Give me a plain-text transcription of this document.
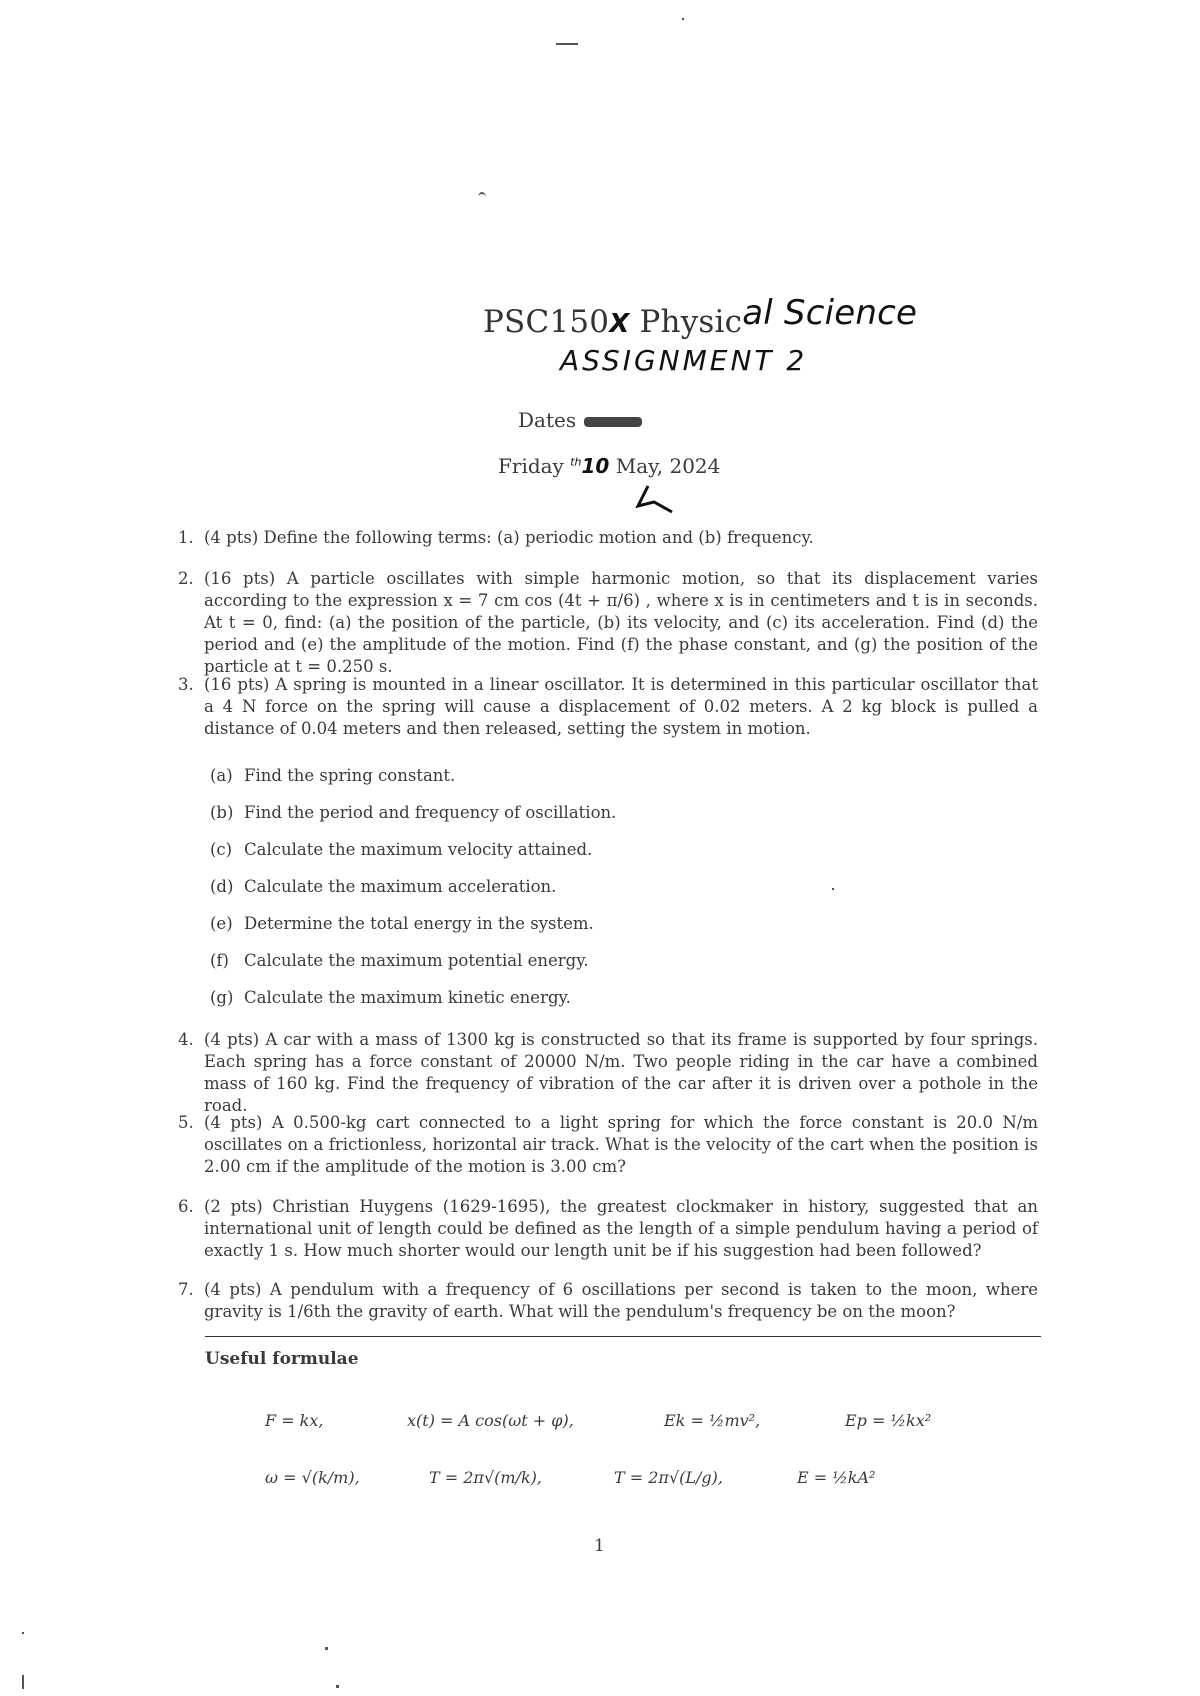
PSC150X Physical Science
ASSIGNMENT 2
Dates
Friday $^{th}$10 May, 2024
1. (4 pts) Define the following terms: (a) periodic motion and (b) frequency.
2. (16 pts) A particle oscillates with simple harmonic motion, so that its displacement varies according to the expression x = 7 cm cos (4t + π/6) , where x is in centimeters and t is in seconds. At t = 0, find: (a) the position of the particle, (b) its velocity, and (c) its acceleration. Find (d) the period and (e) the amplitude of the motion. Find (f) the phase constant, and (g) the position of the particle at t = 0.250 s.
3. (16 pts) A spring is mounted in a linear oscillator. It is determined in this particular oscillator that a 4 N force on the spring will cause a displacement of 0.02 meters. A 2 kg block is pulled a distance of 0.04 meters and then released, setting the system in motion.
(a) Find the spring constant.
(b) Find the period and frequency of oscillation.
(c) Calculate the maximum velocity attained.
(d) Calculate the maximum acceleration.
(e) Determine the total energy in the system.
(f) Calculate the maximum potential energy.
(g) Calculate the maximum kinetic energy.
4. (4 pts) A car with a mass of 1300 kg is constructed so that its frame is supported by four springs. Each spring has a force constant of 20000 N/m. Two people riding in the car have a combined mass of 160 kg. Find the frequency of vibration of the car after it is driven over a pothole in the road.
5. (4 pts) A 0.500-kg cart connected to a light spring for which the force constant is 20.0 N/m oscillates on a frictionless, horizontal air track. What is the velocity of the cart when the position is 2.00 cm if the amplitude of the motion is 3.00 cm?
6. (2 pts) Christian Huygens (1629-1695), the greatest clockmaker in history, suggested that an international unit of length could be defined as the length of a simple pendulum having a period of exactly 1 s. How much shorter would our length unit be if his suggestion had been followed?
7. (4 pts) A pendulum with a frequency of 6 oscillations per second is taken to the moon, where gravity is 1/6th the gravity of earth. What will the pendulum's frequency be on the moon?
Useful formulae
F = kx,	x(t) = A cos(ωt + φ),	Ek = ½mv²,	Ep = ½kx²
ω = √(k/m),	T = 2π√(m/k),	T = 2π√(L/g),	E = ½kA²
1
